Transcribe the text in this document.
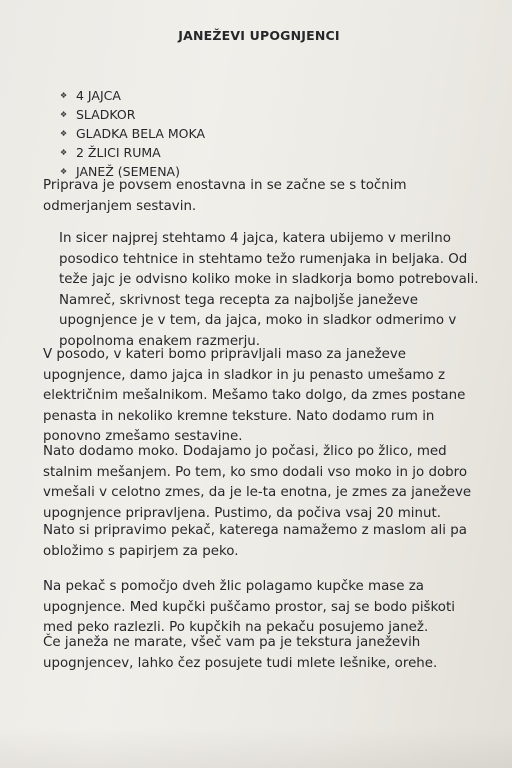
JANEŽEVI UPOGNJENCI
❖ 4 JAJCA
❖ SLADKOR
❖ GLADKA BELA MOKA
❖ 2 ŽLICI RUMA
❖ JANEŽ (SEMENA)

Priprava je povsem enostavna in se začne se s točnim
odmerjanjem sestavin.

In sicer najprej stehtamo 4 jajca, katera ubijemo v merilno
posodico tehtnice in stehtamo težo rumenjaka in beljaka. Od
teže jajc je odvisno koliko moke in sladkorja bomo potrebovali.
Namreč, skrivnost tega recepta za najboljše janeževe
upognjence je v tem, da jajca, moko in sladkor odmerimo v
popolnoma enakem razmerju.

V posodo, v kateri bomo pripravljali maso za janeževe
upognjence, damo jajca in sladkor in ju penasto umešamo z
električnim mešalnikom. Mešamo tako dolgo, da zmes postane
penasta in nekoliko kremne teksture. Nato dodamo rum in
ponovno zmešamo sestavine.

Nato dodamo moko. Dodajamo jo počasi, žlico po žlico, med
stalnim mešanjem. Po tem, ko smo dodali vso moko in jo dobro
vmešali v celotno zmes, da je le-ta enotna, je zmes za janeževe
upognjence pripravljena. Pustimo, da počiva vsaj 20 minut.

Nato si pripravimo pekač, katerega namažemo z maslom ali pa
obložimo s papirjem za peko.

Na pekač s pomočjo dveh žlic polagamo kupčke mase za
upognjence. Med kupčki puščamo prostor, saj se bodo piškoti
med peko razlezli. Po kupčkih na pekaču posujemo janež.

Če janeža ne marate, všeč vam pa je tekstura janeževih
upognjencev, lahko čez posujete tudi mlete lešnike, orehe.
